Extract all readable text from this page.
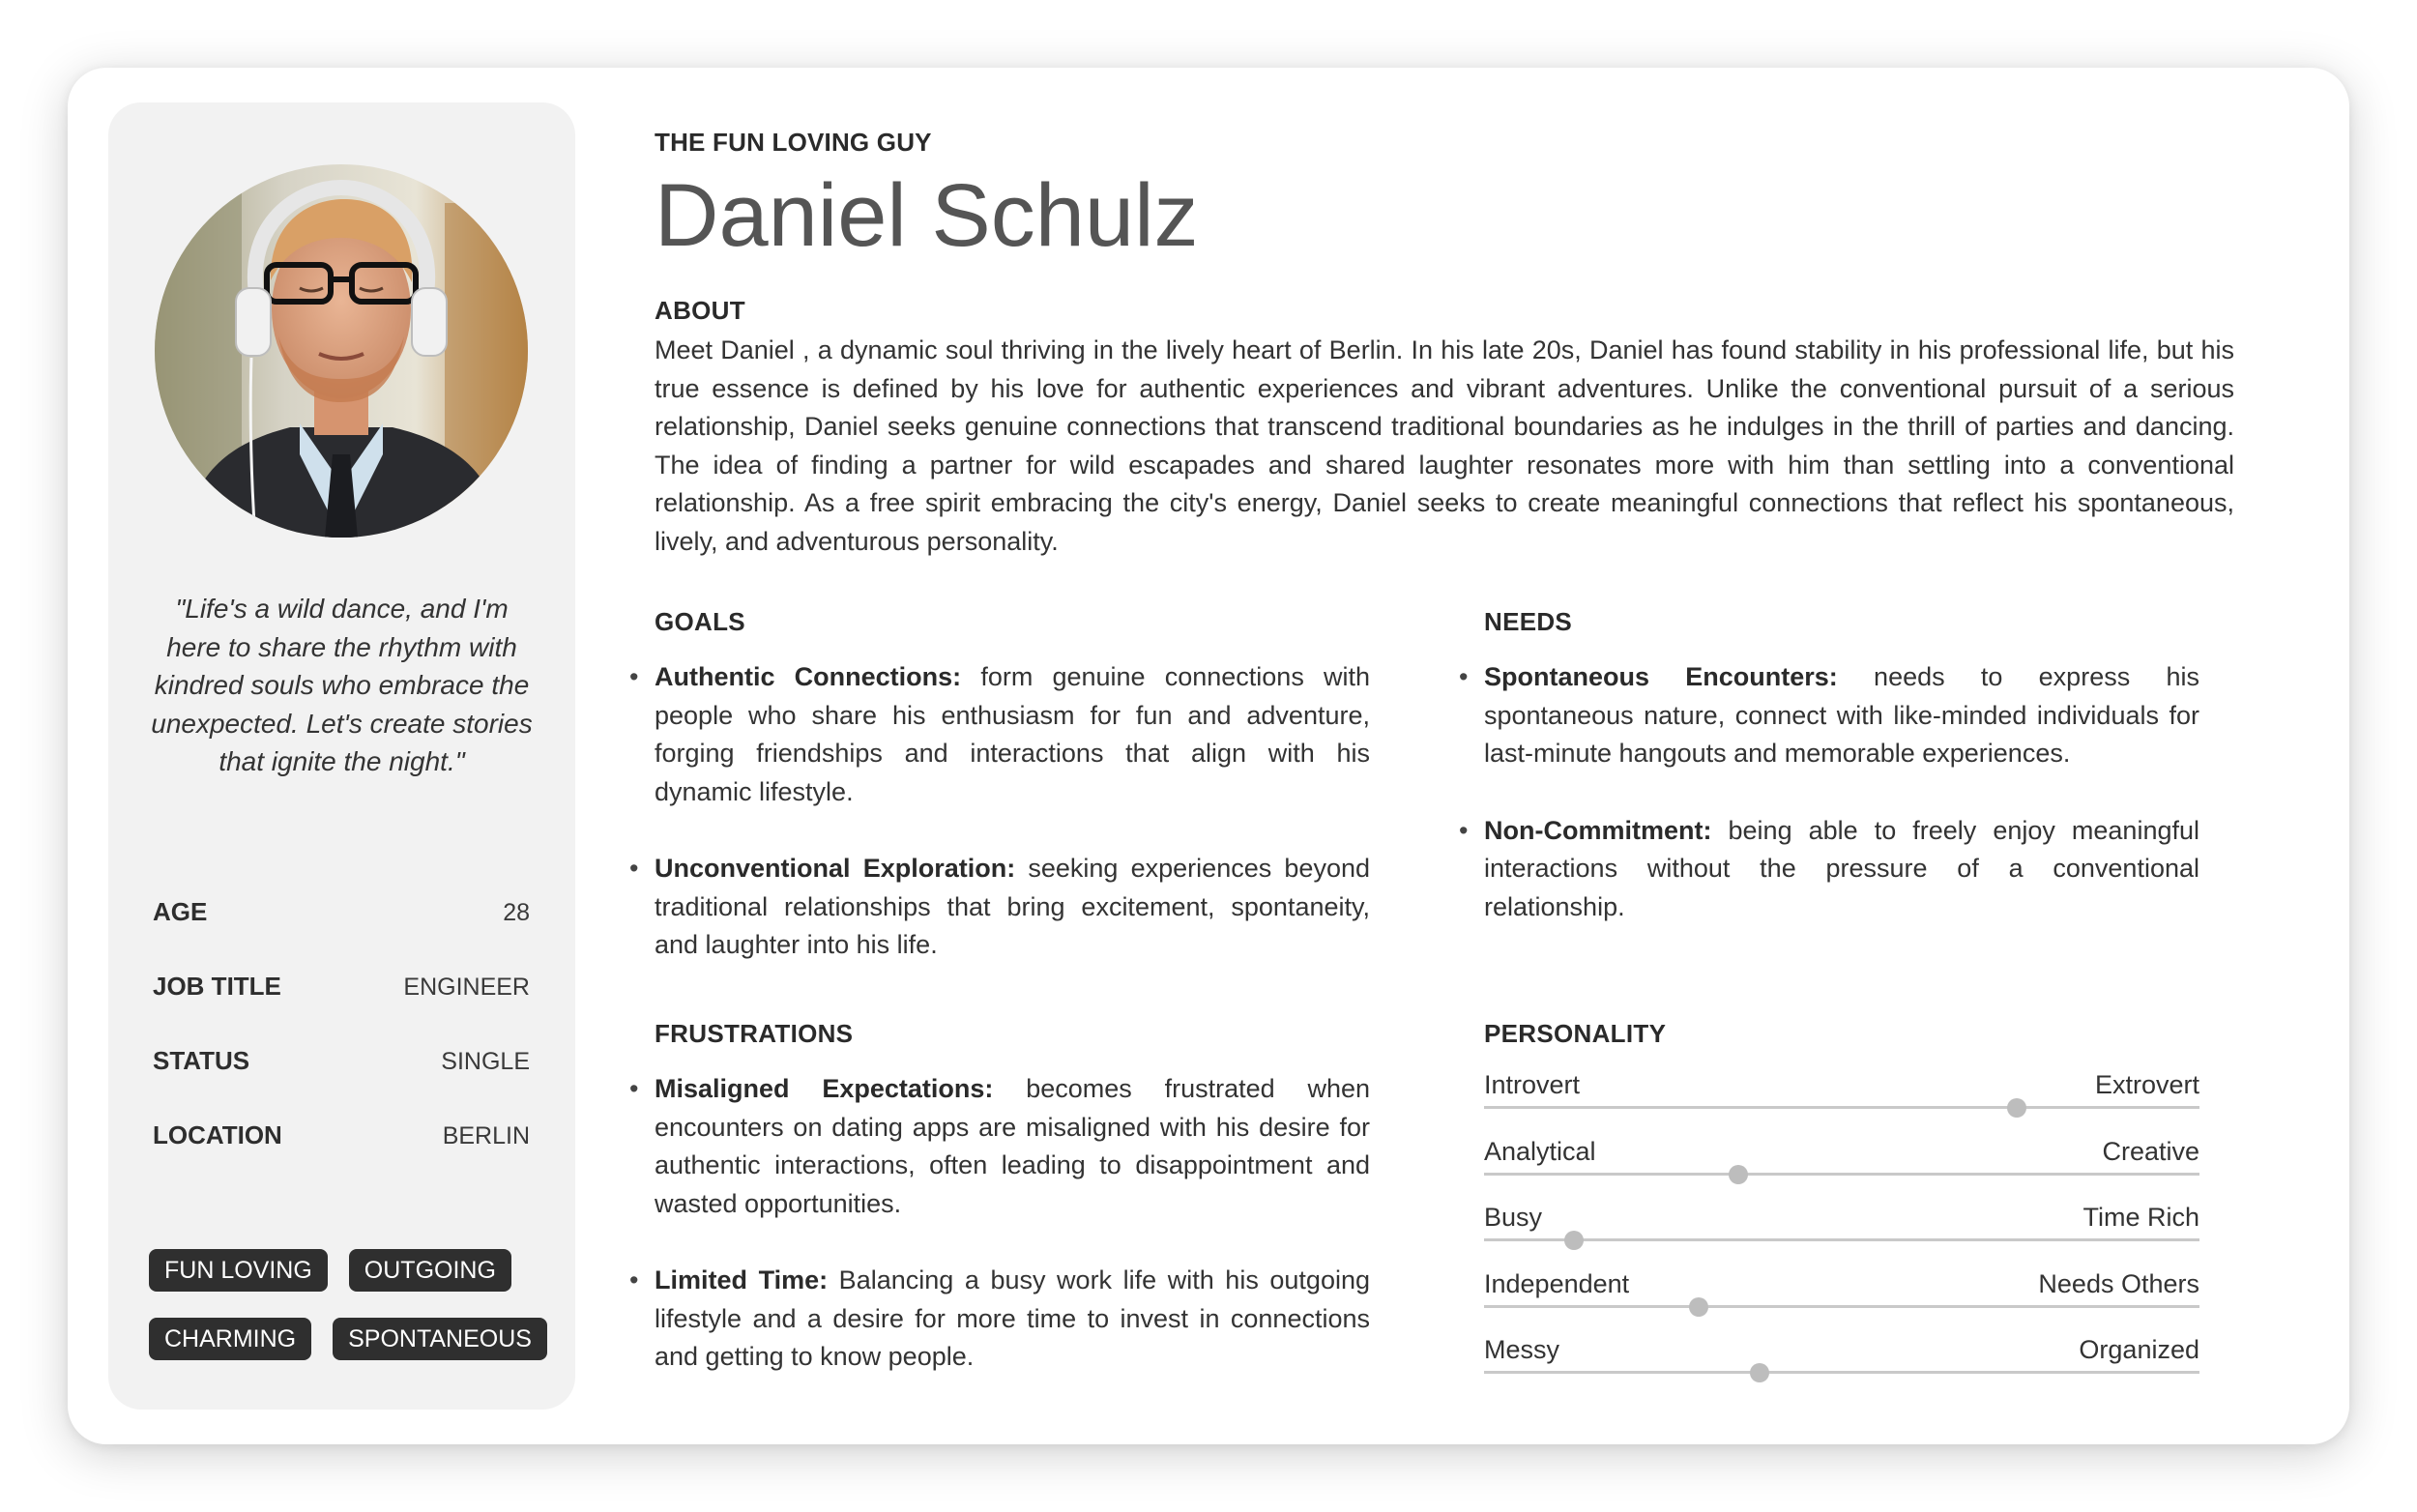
"Life's a wild dance, and I'm here to share the rhythm with kindred souls who embrace the unexpected. Let's create stories that ignite the night."
AGE	28
JOB TITLE	ENGINEER
STATUS	SINGLE
LOCATION	BERLIN
FUN LOVING	OUTGOING
CHARMING	SPONTANEOUS
THE FUN LOVING GUY
Daniel Schulz
ABOUT

Meet Daniel , a dynamic soul thriving in the lively heart of Berlin. In his late 20s, Daniel has found stability in his professional life, but his true essence is defined by his love for authentic experiences and vibrant adventures. Unlike the conventional pursuit of a serious relationship, Daniel seeks genuine connections that transcend traditional boundaries as he indulges in the thrill of parties and dancing. The idea of finding a partner for wild escapades and shared laughter resonates more with him than settling into a conventional relationship. As a free spirit embracing the city's energy, Daniel seeks to create meaningful connections that reflect his spontaneous, lively, and adventurous personality.

GOALS
• Authentic Connections: form genuine connections with people who share his enthusiasm for fun and adventure, forging friendships and interactions that align with his dynamic lifestyle.
• Unconventional Exploration: seeking experiences beyond traditional relationships that bring excitement, spontaneity, and laughter into his life.
NEEDS
• Spontaneous Encounters: needs to express his spontaneous nature, connect with like-minded individuals for last-minute hangouts and memorable experiences.
• Non-Commitment: being able to freely enjoy meaningful interactions without the pressure of a conventional relationship.
FRUSTRATIONS
• Misaligned Expectations: becomes frustrated when encounters on dating apps are misaligned with his desire for authentic interactions, often leading to disappointment and wasted opportunities.
• Limited Time: Balancing a busy work life with his outgoing lifestyle and a desire for more time to invest in connections and getting to know people.
PERSONALITY
Introvert	Extrovert
Analytical	Creative
Busy	Time Rich
Independent	Needs Others
Messy	Organized
